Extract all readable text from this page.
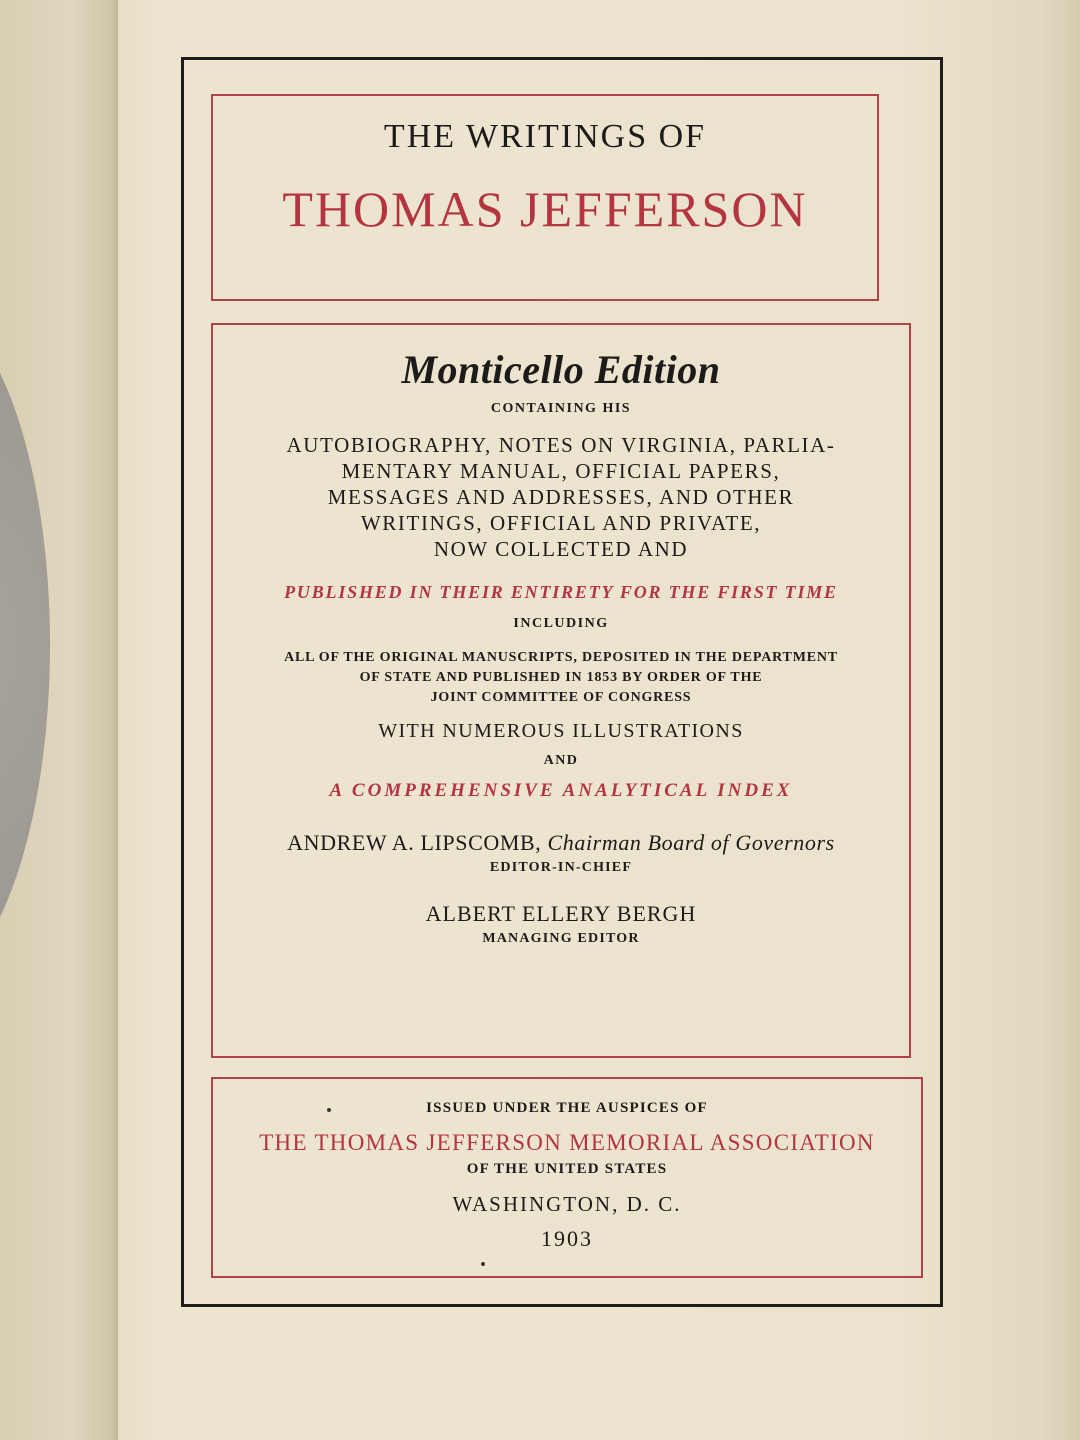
THE WRITINGS OF
THOMAS JEFFERSON
Monticello Edition
CONTAINING HIS
AUTOBIOGRAPHY, NOTES ON VIRGINIA, PARLIA-
MENTARY MANUAL, OFFICIAL PAPERS,
MESSAGES AND ADDRESSES, AND OTHER
WRITINGS, OFFICIAL AND PRIVATE,
NOW COLLECTED AND
PUBLISHED IN THEIR ENTIRETY FOR THE FIRST TIME
INCLUDING
ALL OF THE ORIGINAL MANUSCRIPTS, DEPOSITED IN THE DEPARTMENT
OF STATE AND PUBLISHED IN 1853 BY ORDER OF THE
JOINT COMMITTEE OF CONGRESS
WITH NUMEROUS ILLUSTRATIONS
AND
A COMPREHENSIVE ANALYTICAL INDEX
ANDREW A. LIPSCOMB, Chairman Board of Governors
EDITOR-IN-CHIEF
ALBERT ELLERY BERGH
MANAGING EDITOR
ISSUED UNDER THE AUSPICES OF
THE THOMAS JEFFERSON MEMORIAL ASSOCIATION
OF THE UNITED STATES
WASHINGTON, D. C.
1903
